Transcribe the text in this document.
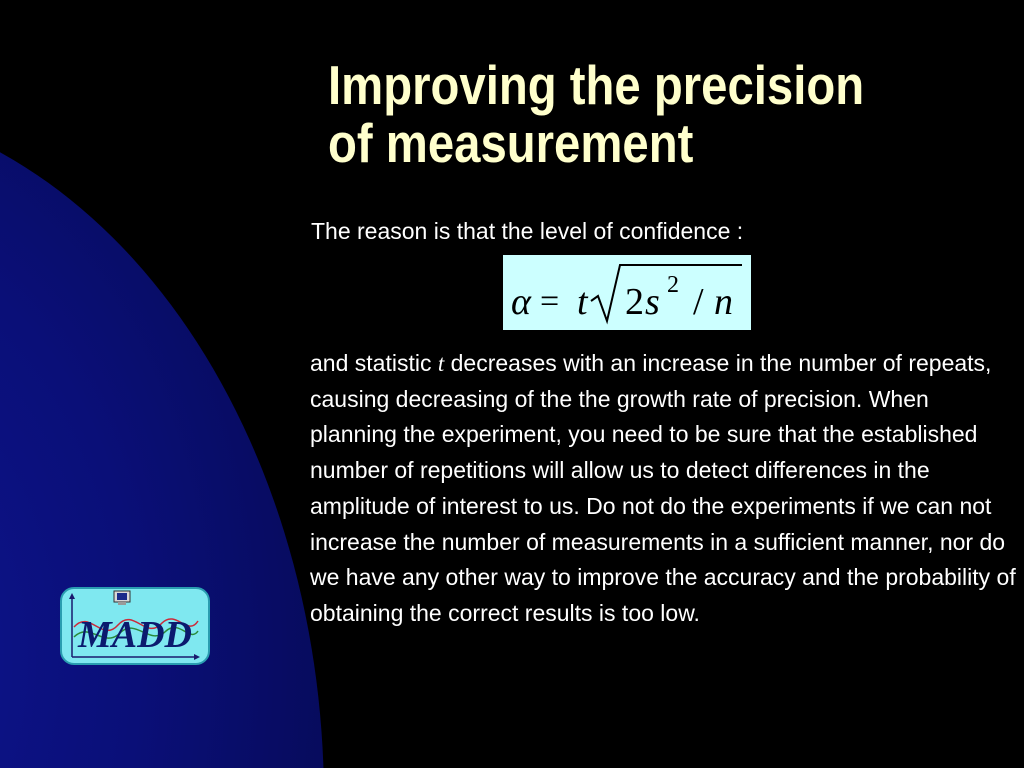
Improving the precision
of measurement
The reason is that the level of confidence :
α = t 2 s 2 / n
and statistic t decreases with an increase in the number of repeats, causing decreasing of the the growth rate of precision. When planning the experiment, you need to be sure that the established number of repetitions will allow us to detect differences in the amplitude of interest to us. Do not do the experiments if we can not increase the number of measurements in a sufficient manner, nor do we have any other way to improve the accuracy and the probability of obtaining the correct results is too low.
MADD
